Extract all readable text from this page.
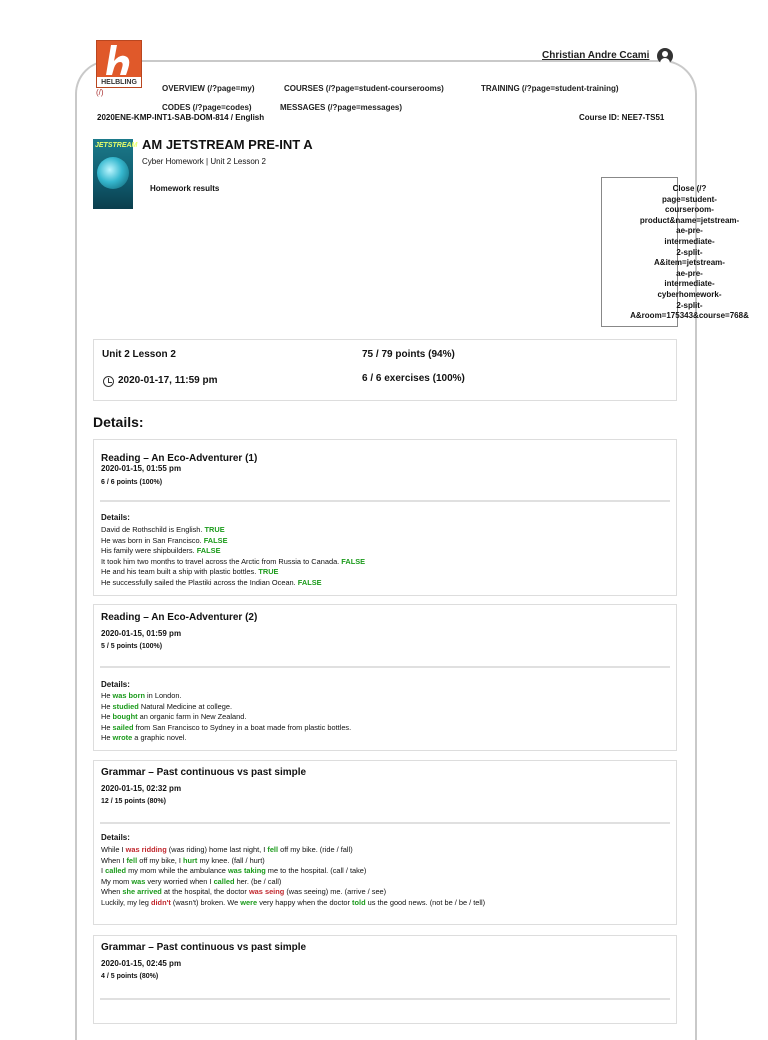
HELBLING
(/)
Christian Andre Ccami
OVERVIEW (/?page=my)	COURSES (/?page=student-courserooms)	TRAINING (/?page=student-training)
CODES (/?page=codes)	MESSAGES (/?page=messages)
2020ENE-KMP-INT1-SAB-DOM-814 / English	Course ID: NEE7-TS51
JETSTREAM AM JETSTREAM PRE-INT A
Cyber Homework | Unit 2 Lesson 2
Homework results	Close (/?
page=student-
courseroom-
product&name=jetstream-
ae-pre-
intermediate-
2-split-
A&item=jetstream-
ae-pre-
intermediate-
cyberhomework-
2-split-
A&room=175343&course=768&
Unit 2 Lesson 2	75 / 79 points (94%)
2020-01-17, 11:59 pm	6 / 6 exercises (100%)
Details:
Reading – An Eco-Adventurer (1)
2020-01-15, 01:55 pm
6 / 6 points (100%)
Details:
David de Rothschild is English. TRUE
He was born in San Francisco. FALSE
His family were shipbuilders. FALSE
It took him two months to travel across the Arctic from Russia to Canada. FALSE
He and his team built a ship with plastic bottles. TRUE
He successfully sailed the Plastiki across the Indian Ocean. FALSE
Reading – An Eco-Adventurer (2)
2020-01-15, 01:59 pm
5 / 5 points (100%)
Details:
He was born in London.
He studied Natural Medicine at college.
He bought an organic farm in New Zealand.
He sailed from San Francisco to Sydney in a boat made from plastic bottles.
He wrote a graphic novel.
Grammar – Past continuous vs past simple
2020-01-15, 02:32 pm
12 / 15 points (80%)
Details:
While I was ridding (was riding) home last night, I fell off my bike. (ride / fall)
When I fell off my bike, I hurt my knee. (fall / hurt)
I called my mom while the ambulance was taking me to the hospital. (call / take)
My mom was very worried when I called her. (be / call)
When she arrived at the hospital, the doctor was seing (was seeing) me. (arrive / see)
Luckily, my leg didn't (wasn't) broken. We were very happy when the doctor told us the good news. (not be / be / tell)
Grammar – Past continuous vs past simple
2020-01-15, 02:45 pm
4 / 5 points (80%)
